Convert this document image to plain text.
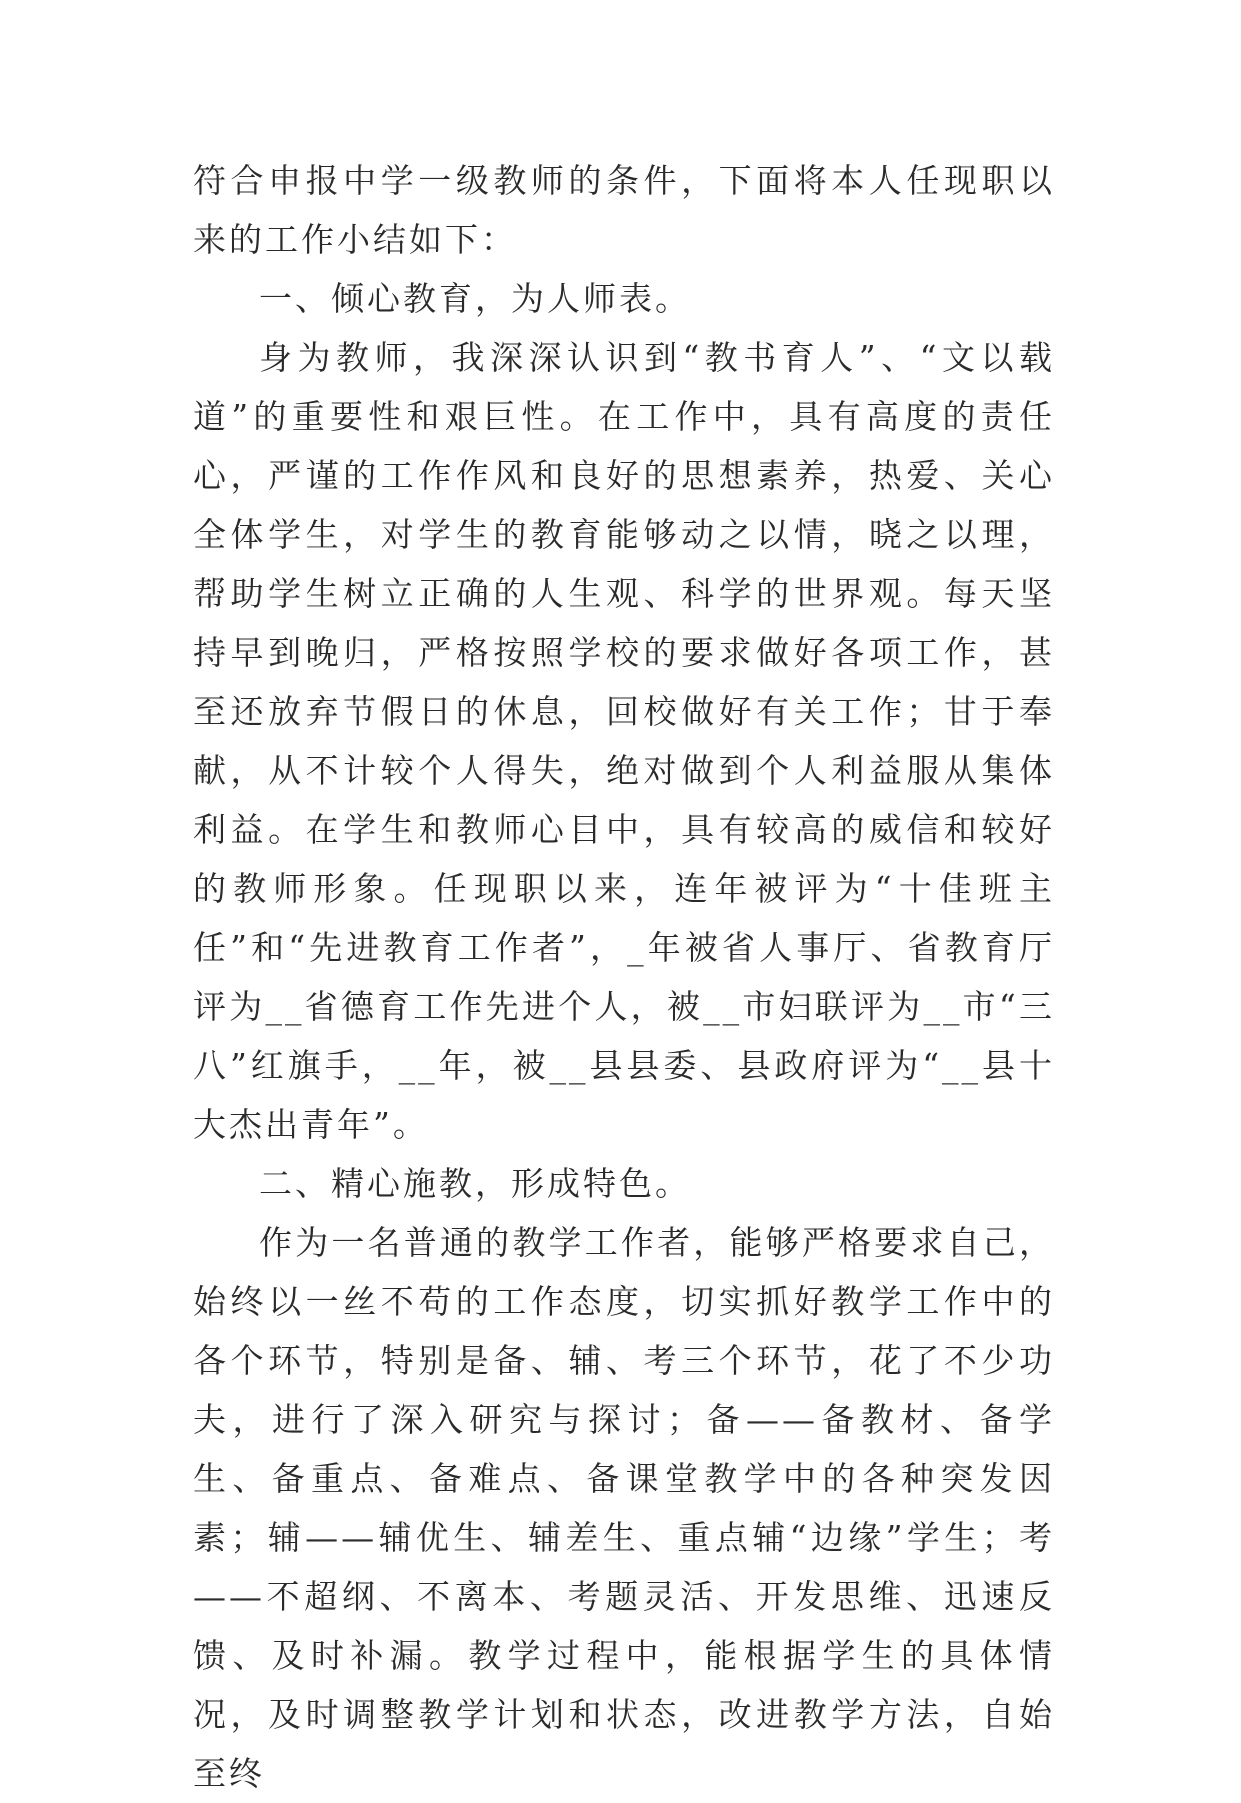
符合申报中学一级教师的条件，下面将本人任现职以来的工作小结如下：

一、倾心教育，为人师表。

身为教师，我深深认识到“教书育人”、“文以载道”的重要性和艰巨性。在工作中，具有高度的责任心，严谨的工作作风和良好的思想素养，热爱、关心全体学生，对学生的教育能够动之以情，晓之以理，帮助学生树立正确的人生观、科学的世界观。每天坚持早到晚归，严格按照学校的要求做好各项工作，甚至还放弃节假日的休息，回校做好有关工作；甘于奉献，从不计较个人得失，绝对做到个人利益服从集体利益。在学生和教师心目中，具有较高的威信和较好的教师形象。任现职以来，连年被评为“十佳班主任”和“先进教育工作者”，_年被省人事厅、省教育厅评为__省德育工作先进个人，被__市妇联评为__市“三八”红旗手，__年，被__县县委、县政府评为“__县十大杰出青年”。

二、精心施教，形成特色。

作为一名普通的教学工作者，能够严格要求自己，始终以一丝不苟的工作态度，切实抓好教学工作中的各个环节，特别是备、辅、考三个环节，花了不少功夫，进行了深入研究与探讨；备——备教材、备学生、备重点、备难点、备课堂教学中的各种突发因素；辅——辅优生、辅差生、重点辅“边缘”学生；考——不超纲、不离本、考题灵活、开发思维、迅速反馈、及时补漏。教学过程中，能根据学生的具体情况，及时调整教学计划和状态，改进教学方法，自始至终
